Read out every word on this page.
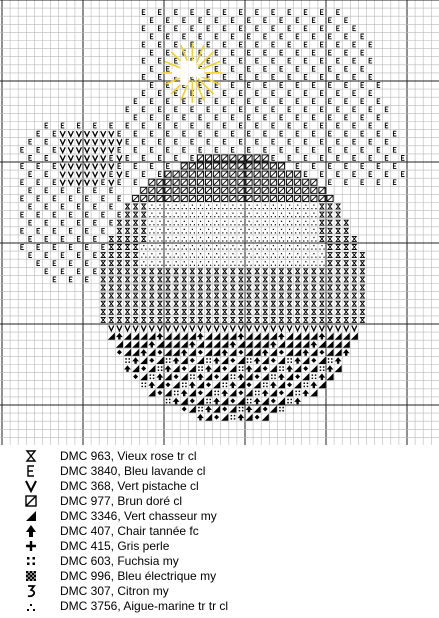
DMC 963, Vieux rose tr cl
DMC 3840, Bleu lavande cl
DMC 368, Vert pistache cl
DMC 977, Brun doré cl
DMC 3346, Vert chasseur my
DMC 407, Chair tannée fc
DMC 415, Gris perle
DMC 603, Fuchsia my
DMC 996, Bleu électrique my
DMC 307, Citron my
DMC 3756, Aigue-marine tr tr cl
